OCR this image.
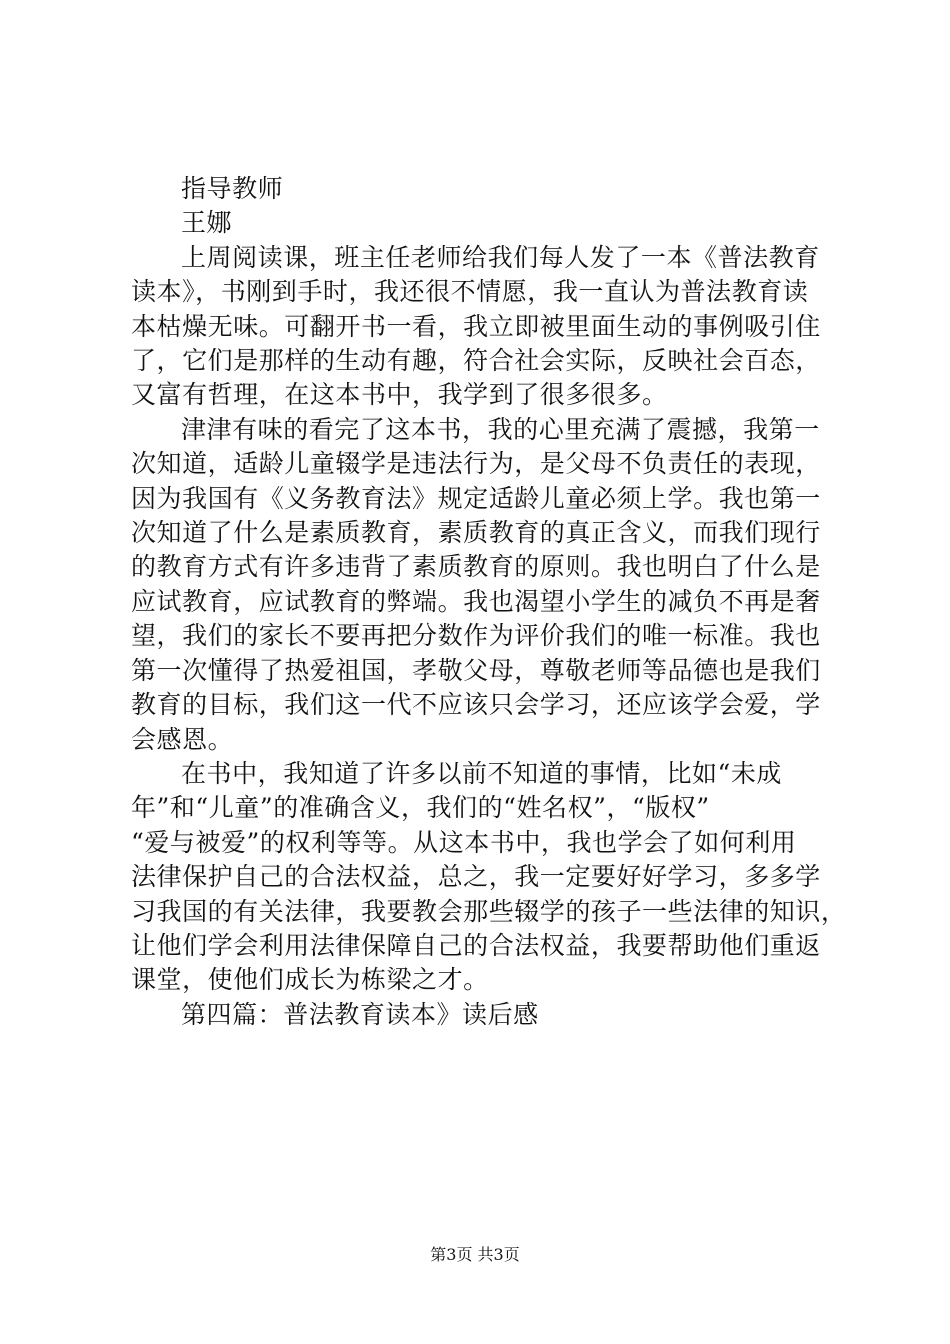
指导教师
王娜
上周阅读课，班主任老师给我们每人发了一本《普法教育
读本》，书刚到手时，我还很不情愿，我一直认为普法教育读
本枯燥无味。可翻开书一看，我立即被里面生动的事例吸引住
了，它们是那样的生动有趣，符合社会实际，反映社会百态，
又富有哲理，在这本书中，我学到了很多很多。
津津有味的看完了这本书，我的心里充满了震撼，我第一
次知道，适龄儿童辍学是违法行为，是父母不负责任的表现，
因为我国有《义务教育法》规定适龄儿童必须上学。我也第一
次知道了什么是素质教育，素质教育的真正含义，而我们现行
的教育方式有许多违背了素质教育的原则。我也明白了什么是
应试教育，应试教育的弊端。我也渴望小学生的减负不再是奢
望，我们的家长不要再把分数作为评价我们的唯一标准。我也
第一次懂得了热爱祖国，孝敬父母，尊敬老师等品德也是我们
教育的目标，我们这一代不应该只会学习，还应该学会爱，学
会感恩。
在书中，我知道了许多以前不知道的事情，比如“未成
年”和“儿童”的准确含义，我们的“姓名权”，“版权”
“爱与被爱”的权利等等。从这本书中，我也学会了如何利用
法律保护自己的合法权益，总之，我一定要好好学习，多多学
习我国的有关法律，我要教会那些辍学的孩子一些法律的知识，
让他们学会利用法律保障自己的合法权益，我要帮助他们重返
课堂，使他们成长为栋梁之才。
第四篇：普法教育读本》读后感
第3页 共3页
